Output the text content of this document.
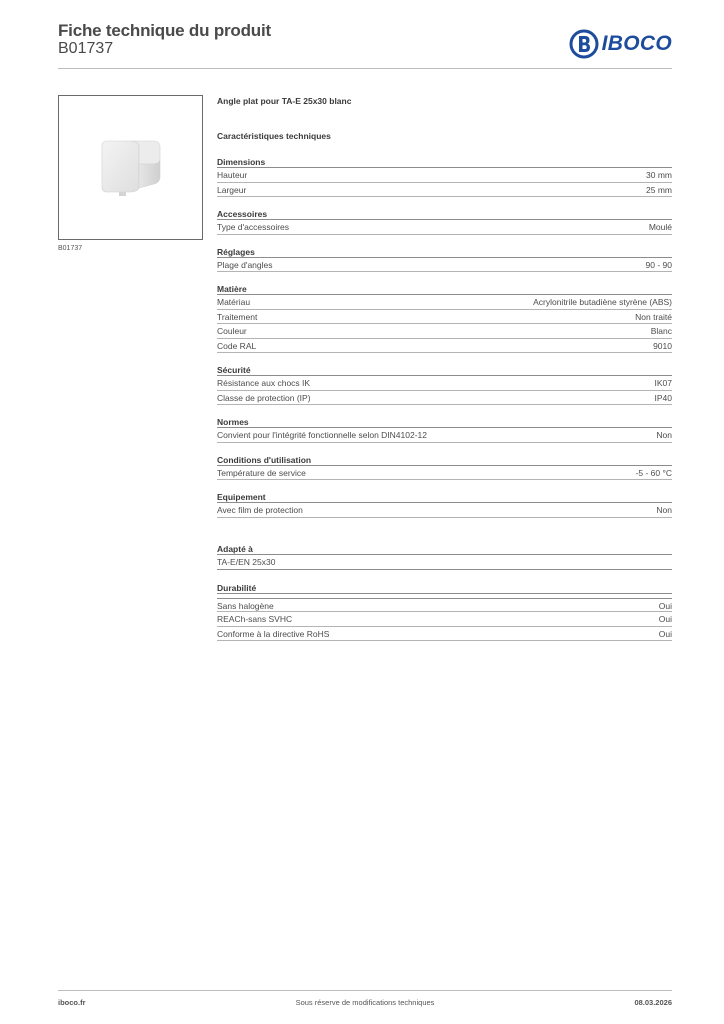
Fiche technique du produit
B01737	IBOCO
B01737
Angle plat pour TA-E 25x30 blanc
Caractéristiques techniques
Dimensions
Hauteur	30 mm
Largeur	25 mm
Accessoires
Type d'accessoires	Moulé
Réglages
Plage d'angles	90 - 90
Matière
Matériau	Acrylonitrile butadiène styrène (ABS)
Traitement	Non traité
Couleur	Blanc
Code RAL	9010
Sécurité
Résistance aux chocs IK	IK07
Classe de protection (IP)	IP40
Normes
Convient pour l'intégrité fonctionnelle selon DIN4102-12	Non
Conditions d'utilisation
Température de service	-5 - 60 °C
Equipement
Avec film de protection	Non
Adapté à
TA-E/EN 25x30
Durabilité
Sans halogène	Oui
REACh-sans SVHC	Oui
Conforme à la directive RoHS	Oui
iboco.fr	Sous réserve de modifications techniques	08.03.2026
